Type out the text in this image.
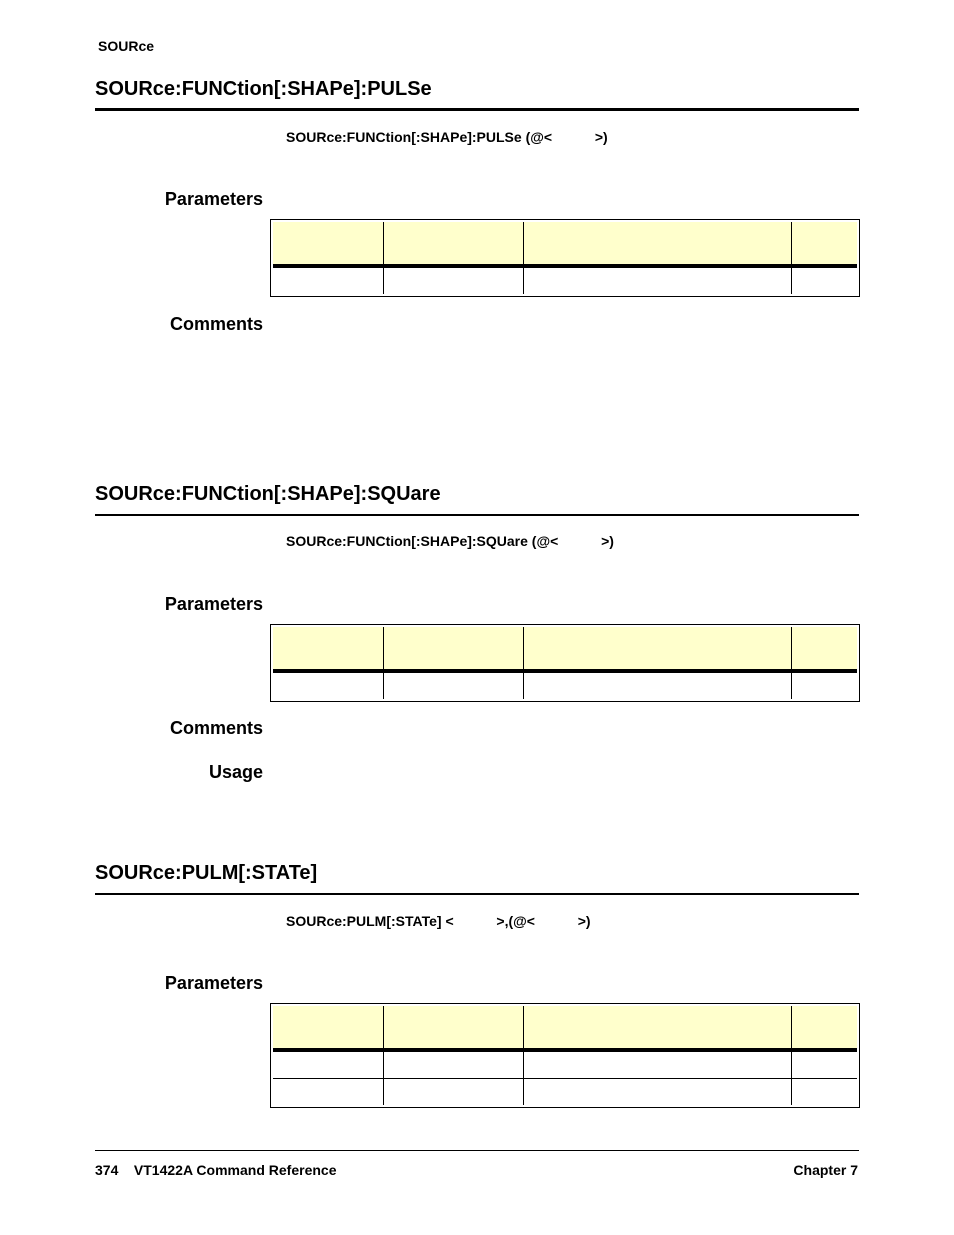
SOURce
SOURce:FUNCtion[:SHAPe]:PULSe
SOURce:FUNCtion[:SHAPe]:PULSe (@<           >)
Parameters

Comments
SOURce:FUNCtion[:SHAPe]:SQUare
SOURce:FUNCtion[:SHAPe]:SQUare (@<           >)
Parameters

Comments
Usage
SOURce:PULM[:STATe]
SOURce:PULM[:STATe] <           >,(@<           >)
Parameters

374 VT1422A Command Reference	Chapter 7
